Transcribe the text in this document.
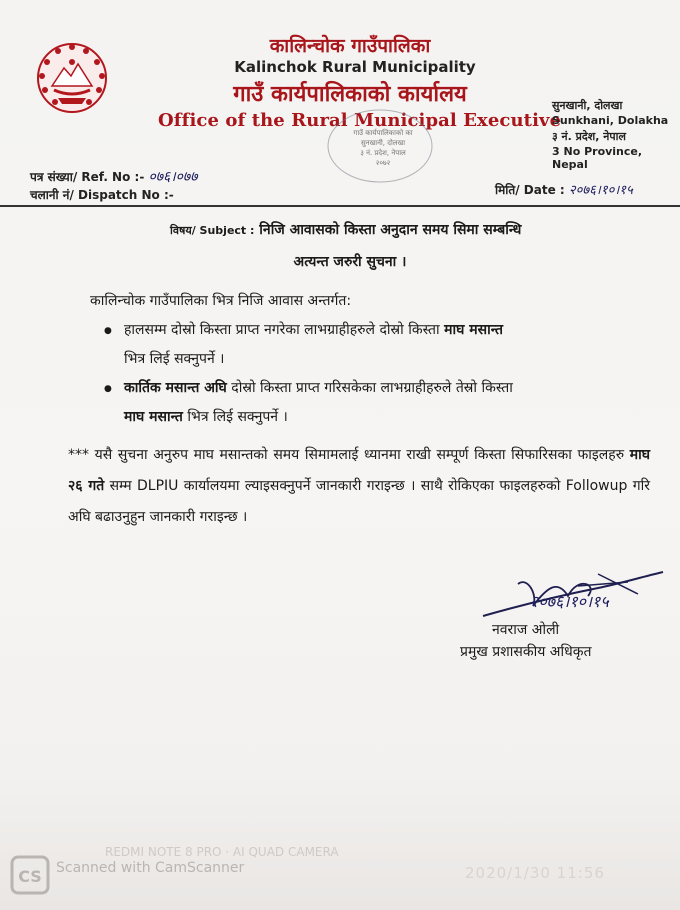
कालिन्चोक गाउँपालिका
Kalinchok Rural Municipality
गाउँ कार्यपालिकाको कार्यालय
Office of the Rural Municipal Executive
सुनखानी, दोलखा
Sunkhani, Dolakha
३ नं. प्रदेश, नेपाल
3 No Province, Nepal
गाउँ कार्यपालिकाको का
सुनखानी, दोलखा
३ नं. प्रदेश, नेपाल
२०७२
पत्र संख्या/ Ref. No :- ०७६।०७७
चलानी नं/ Dispatch No :-	मिति/ Date : २०७६।१०।१५
विषय/ Subject : निजि आवासको किस्ता अनुदान समय सिमा सम्बन्धि
अत्यन्त जरुरी सुचना ।
कालिन्चोक गाउँपालिका भित्र निजि आवास अन्तर्गत:
● हालसम्म दोस्रो किस्ता प्राप्त नगरेका लाभग्राहीहरुले दोस्रो किस्ता माघ मसान्त
भित्र लिई सक्नुपर्ने ।
● कार्तिक मसान्त अघि दोस्रो किस्ता प्राप्त गरिसकेका लाभग्राहीहरुले तेस्रो किस्ता
माघ मसान्त भित्र लिई सक्नुपर्ने ।
*** यसै सुचना अनुरुप माघ मसान्तको समय सिमामलाई ध्यानमा राखी सम्पूर्ण किस्ता सिफारिसका फाइलहरु माघ २६ गते सम्म DLPIU कार्यालयमा ल्याइसक्नुपर्ने जानकारी गराइन्छ । साथै रोकिएका फाइलहरुको Followup गरि अघि बढाउनुहुन जानकारी गराइन्छ ।
२०७६।१०।१५
नवराज ओली
प्रमुख प्रशासकीय अधिकृत
CS Scanned with CamScanner
REDMI NOTE 8 PRO · AI QUAD CAMERA
2020/1/30 11:56
